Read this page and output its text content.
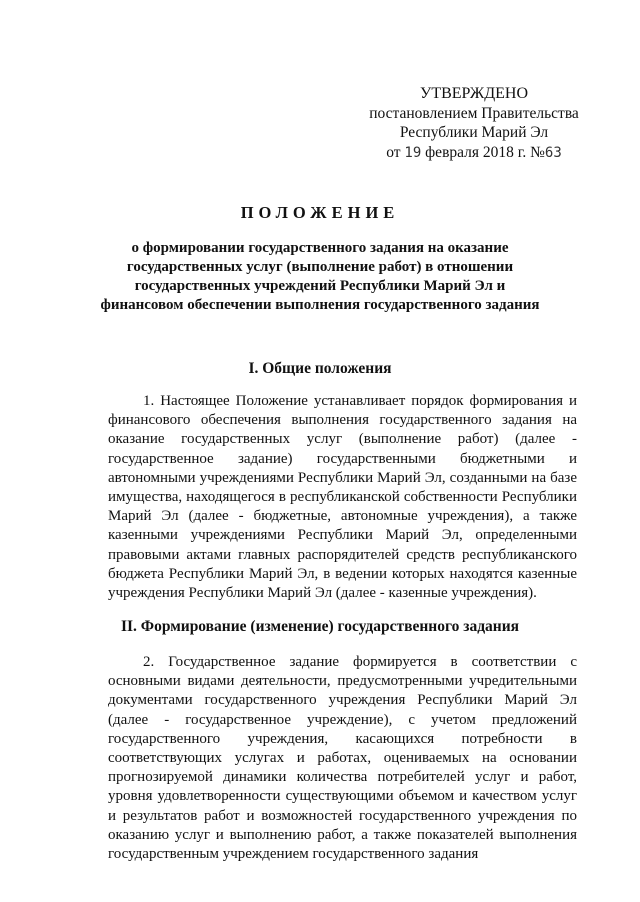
УТВЕРЖДЕНО
постановлением Правительства
Республики Марий Эл
от 19 февраля 2018 г. №63
ПОЛОЖЕНИЕ
о формировании государственного задания на оказание государственных услуг (выполнение работ) в отношении государственных учреждений Республики Марий Эл и финансовом обеспечении выполнения государственного задания
I. Общие положения

1. Настоящее Положение устанавливает порядок формирования и финансового обеспечения выполнения государственного задания на оказание государственных услуг (выполнение работ) (далее - государственное задание) государственными бюджетными и автономными учреждениями Республики Марий Эл, созданными на базе имущества, находящегося в республиканской собственности Республики Марий Эл (далее - бюджетные, автономные учреждения), а также казенными учреждениями Республики Марий Эл, определенными правовыми актами главных распорядителей средств республиканского бюджета Республики Марий Эл, в ведении которых находятся казенные учреждения Республики Марий Эл (далее - казенные учреждения).

II. Формирование (изменение) государственного задания

2. Государственное задание формируется в соответствии с основными видами деятельности, предусмотренными учредительными документами государственного учреждения Республики Марий Эл (далее - государственное учреждение), с учетом предложений государственного учреждения, касающихся потребности в соответствующих услугах и работах, оцениваемых на основании прогнозируемой динамики количества потребителей услуг и работ, уровня удовлетворенности существующими объемом и качеством услуг и результатов работ и возможностей государственного учреждения по оказанию услуг и выполнению работ, а также показателей выполнения государственным учреждением государственного задания
